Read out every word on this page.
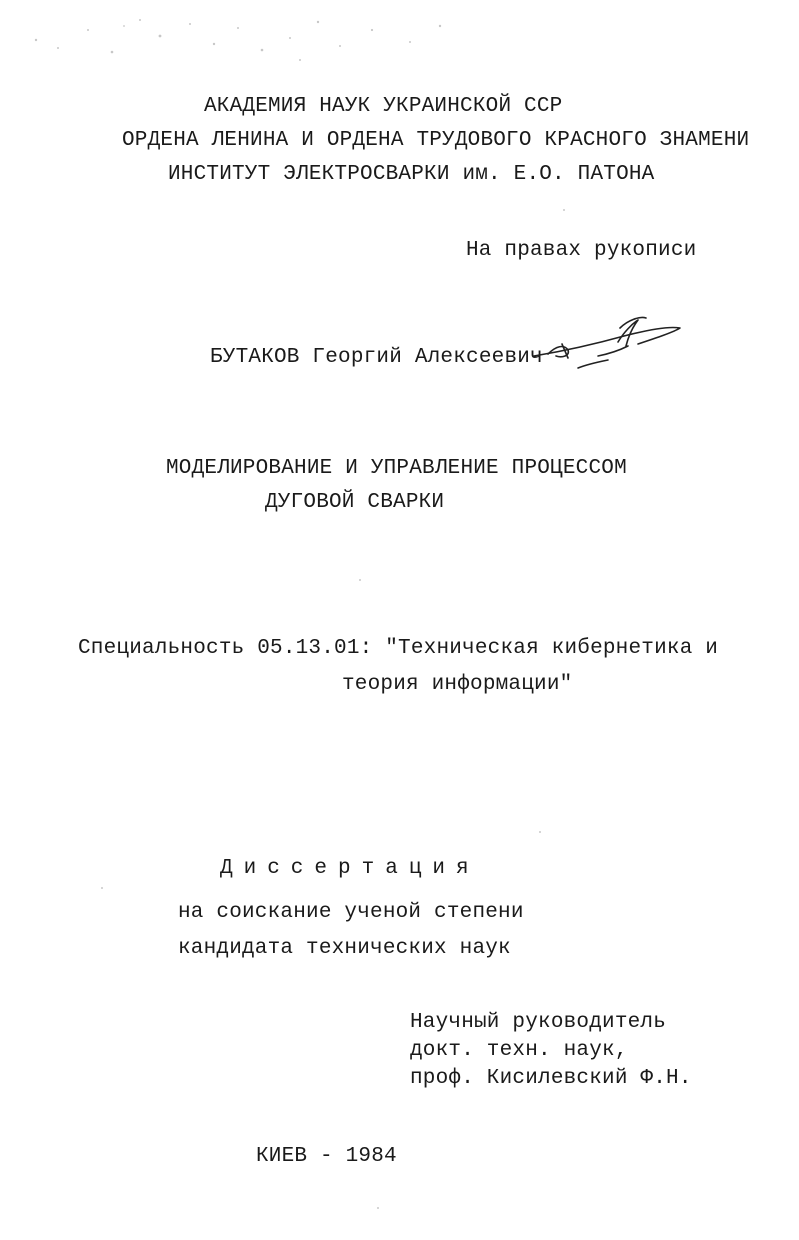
АКАДЕМИЯ НАУК УКРАИНСКОЙ ССР
ОРДЕНА ЛЕНИНА И ОРДЕНА ТРУДОВОГО КРАСНОГО ЗНАМЕНИ
ИНСТИТУТ ЭЛЕКТРОСВАРКИ им. Е.О. ПАТОНА
На правах рукописи
БУТАКОВ Георгий Алексеевич
МОДЕЛИРОВАНИЕ И УПРАВЛЕНИЕ ПРОЦЕССОМ
ДУГОВОЙ СВАРКИ
Специальность 05.13.01: "Техническая кибернетика и
теория информации"
Диссертация
на соискание ученой степени
кандидата технических наук
Научный руководитель
докт. техн. наук,
проф. Кисилевский Ф.Н.
КИЕВ - 1984
